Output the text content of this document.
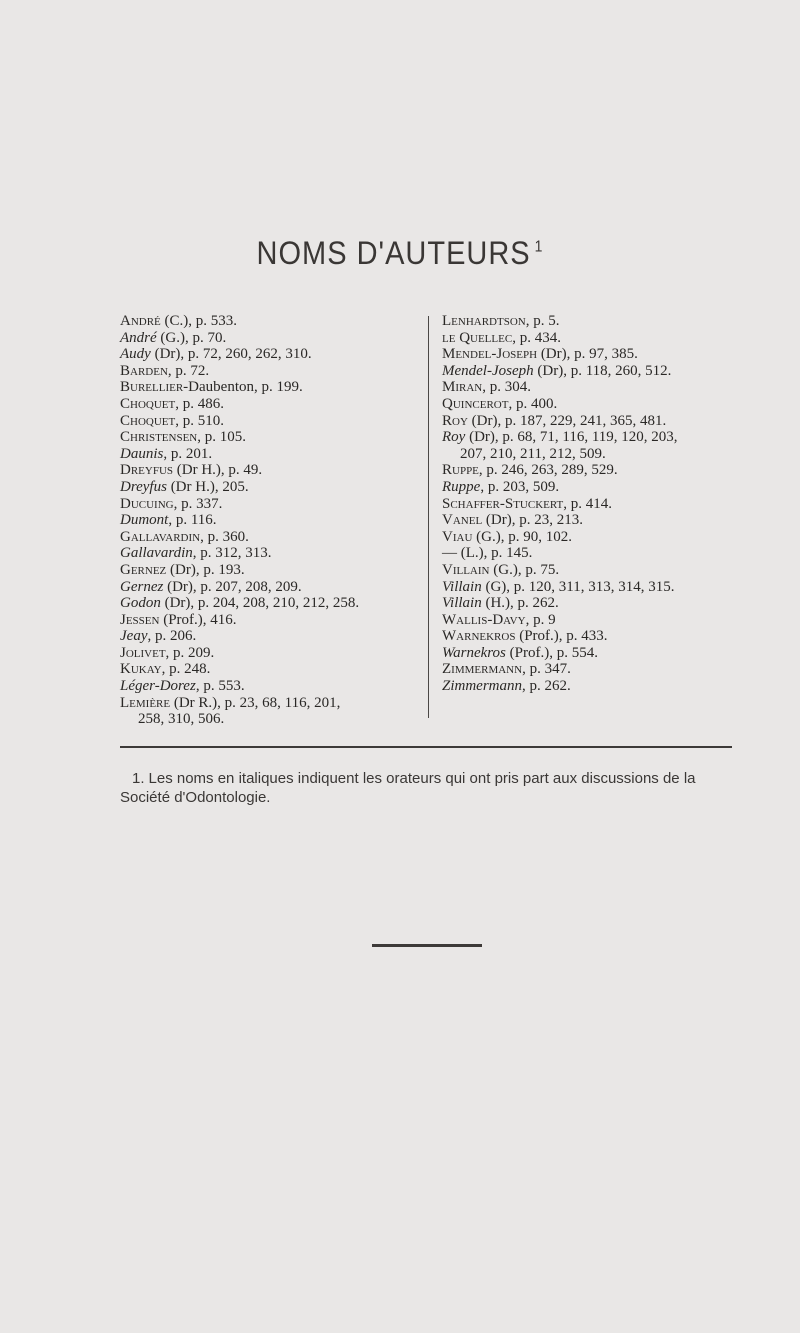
NOMS D'AUTEURS $^1$
André (C.), p. 533.
André (G.), p. 70.
Audy (Dr), p. 72, 260, 262, 310.
Barden, p. 72.
Burellier-Daubenton, p. 199.
Choquet, p. 486.
Choquet, p. 510.
Christensen, p. 105.
Daunis, p. 201.
Dreyfus (Dr H.), p. 49.
Dreyfus (Dr H.), 205.
Ducuing, p. 337.
Dumont, p. 116.
Gallavardin, p. 360.
Gallavardin, p. 312, 313.
Gernez (Dr), p. 193.
Gernez (Dr), p. 207, 208, 209.
Godon (Dr), p. 204, 208, 210, 212, 258.
Jessen (Prof.), 416.
Jeay, p. 206.
Jolivet, p. 209.
Kukay, p. 248.
Léger-Dorez, p. 553.
Lemière (Dr R.), p. 23, 68, 116, 201,
258, 310, 506.
Lenhardtson, p. 5.
le Quellec, p. 434.
Mendel-Joseph (Dr), p. 97, 385.
Mendel-Joseph (Dr), p. 118, 260, 512.
Miran, p. 304.
Quincerot, p. 400.
Roy (Dr), p. 187, 229, 241, 365, 481.
Roy (Dr), p. 68, 71, 116, 119, 120, 203,
207, 210, 211, 212, 509.
Ruppe, p. 246, 263, 289, 529.
Ruppe, p. 203, 509.
Schaffer-Stuckert, p. 414.
Vanel (Dr), p. 23, 213.
Viau (G.), p. 90, 102.
— (L.), p. 145.
Villain (G.), p. 75.
Villain (G), p. 120, 311, 313, 314, 315.
Villain (H.), p. 262.
Wallis-Davy, p. 9
Warnekros (Prof.), p. 433.
Warnekros (Prof.), p. 554.
Zimmermann, p. 347.
Zimmermann, p. 262.
1. Les noms en italiques indiquent les orateurs qui ont pris part aux discussions de la Société d'Odontologie.
